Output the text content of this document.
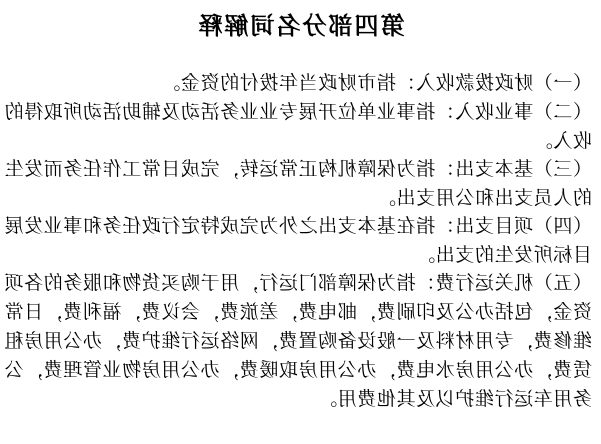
第四部分名词解释

（一）财政拨款收入：指市财政当年拨付的资金。

（二）事业收入：指事业单位开展专业业务活动及辅助活动所取得的收入。

（三）基本支出：指为保障机构正常运转，完成日常工作任务而发生的人员支出和公用支出。

（四）项目支出：指在基本支出之外为完成特定行政任务和事业发展目标所发生的支出。

（五）机关运行费：指为保障部门运行，用于购买货物和服务的各项资金，包括办公及印刷费，邮电费，差旅费，会议费，福利费，日常维修费，专用材料及一般设备购置费，网络运行维护费，办公用房租赁费，办公用房水电费，办公用房取暖费，办公用房物业管理费，公务用车运行维护以及其他费用。
